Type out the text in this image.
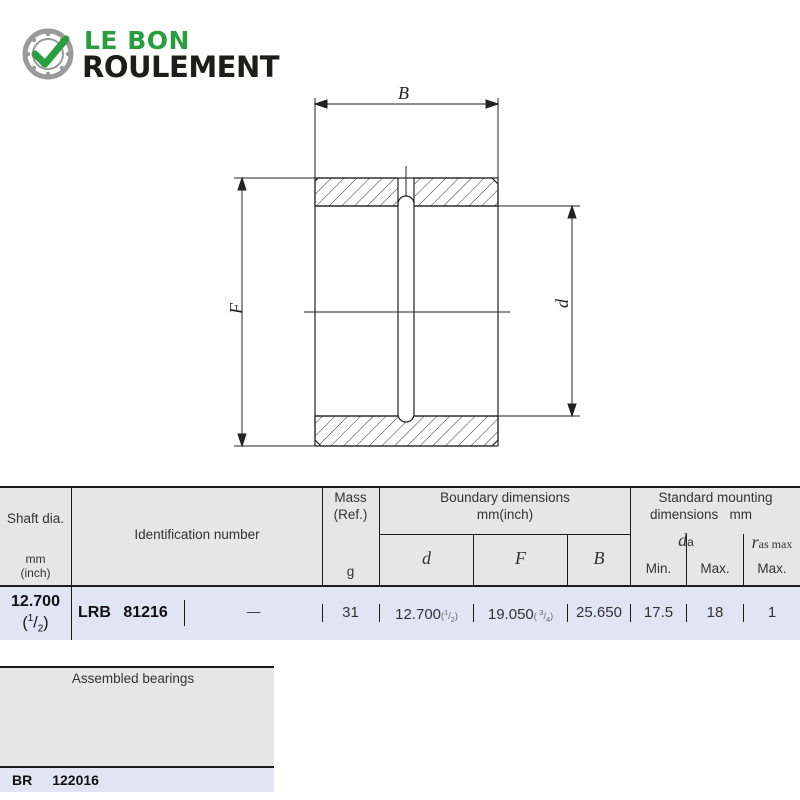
LE BON
ROULEMENT
B
F	d
Shaft dia.
mm
(inch)
Identification number
Mass
(Ref.)
g
Boundary dimensions
mm(inch)
d	F	B
Standard mounting
dimensions mm
da	ras max
Min.	Max.	Max.
12.700
$(^1/_2)$
LRB 81216	—	31	$12.700(^1/_2)$	19.050( $^3/_4$)	25.650	17.5	18	1
Assembled bearings
BR 122016
